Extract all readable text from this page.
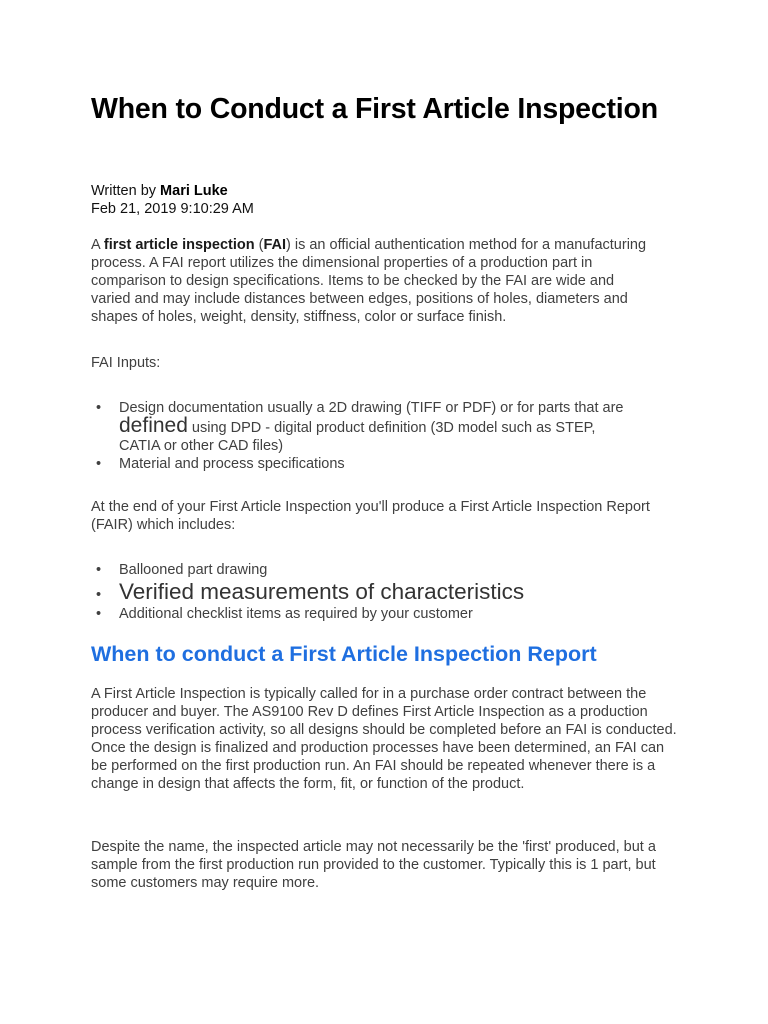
When to Conduct a First Article Inspection
Written by Mari Luke
Feb 21, 2019 9:10:29 AM

A first article inspection (FAI) is an official authentication method for a manufacturing process. A FAI report utilizes the dimensional properties of a production part in comparison to design specifications. Items to be checked by the FAI are wide and varied and may include distances between edges, positions of holes, diameters and shapes of holes, weight, density, stiffness, color or surface finish.

FAI Inputs:

• Design documentation usually a 2D drawing (TIFF or PDF) or for parts that are defined using DPD - digital product definition (3D model such as STEP, CATIA or other CAD files)
• Material and process specifications

At the end of your First Article Inspection you'll produce a First Article Inspection Report (FAIR) which includes:

• Ballooned part drawing
• Verified measurements of characteristics
• Additional checklist items as required by your customer
When to conduct a First Article Inspection Report

A First Article Inspection is typically called for in a purchase order contract between the producer and buyer. The AS9100 Rev D defines First Article Inspection as a production process verification activity, so all designs should be completed before an FAI is conducted. Once the design is finalized and production processes have been determined, an FAI can be performed on the first production run. An FAI should be repeated whenever there is a change in design that affects the form, fit, or function of the product.

Despite the name, the inspected article may not necessarily be the 'first' produced, but a sample from the first production run provided to the customer. Typically this is 1 part, but some customers may require more.
